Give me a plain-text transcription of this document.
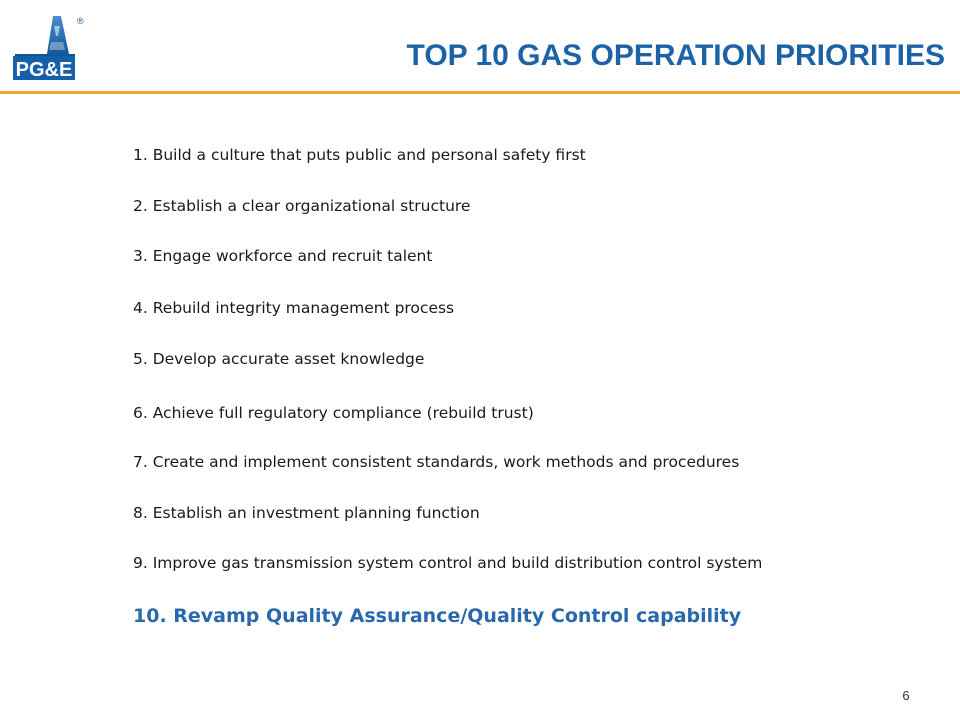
PG&E
®
TOP 10 GAS OPERATION PRIORITIES
1. Build a culture that puts public and personal safety first
2. Establish a clear organizational structure
3. Engage workforce and recruit talent
4. Rebuild integrity management process
5. Develop accurate asset knowledge
6. Achieve full regulatory compliance (rebuild trust)
7. Create and implement consistent standards, work methods and procedures
8. Establish an investment planning function
9. Improve gas transmission system control and build distribution control system
10. Revamp Quality Assurance/Quality Control capability
6
